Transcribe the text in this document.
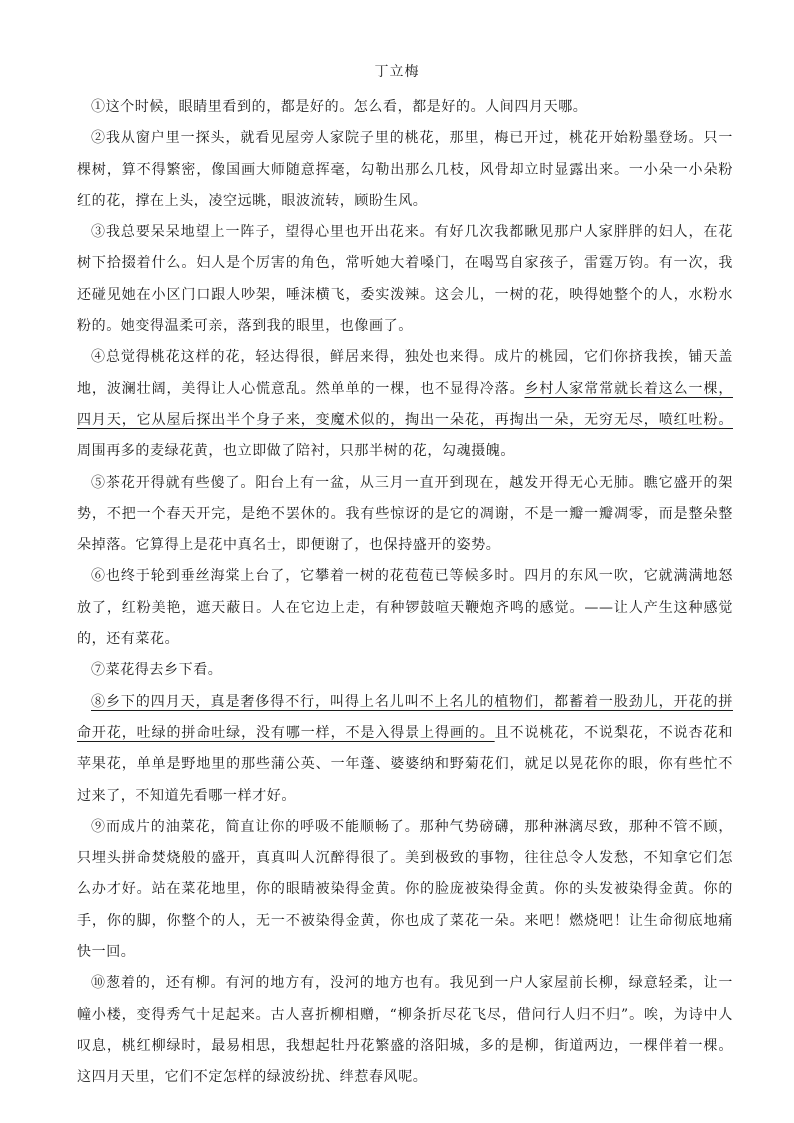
丁立梅

①这个时候，眼睛里看到的，都是好的。怎么看，都是好的。人间四月天哪。

②我从窗户里一探头，就看见屋旁人家院子里的桃花，那里，梅已开过，桃花开始粉墨登场。只一棵树，算不得繁密，像国画大师随意挥毫，勾勒出那么几枝，风骨却立时显露出来。一小朵一小朵粉红的花，撑在上头，凌空远眺，眼波流转，顾盼生风。

③我总要呆呆地望上一阵子，望得心里也开出花来。有好几次我都瞅见那户人家胖胖的妇人，在花树下拾掇着什么。妇人是个厉害的角色，常听她大着嗓门，在喝骂自家孩子，雷霆万钧。有一次，我还碰见她在小区门口跟人吵架，唾沫横飞，委实泼辣。这会儿，一树的花，映得她整个的人，水粉水粉的。她变得温柔可亲，落到我的眼里，也像画了。

④总觉得桃花这样的花，轻达得很，鲜居来得，独处也来得。成片的桃园，它们你挤我挨，铺天盖地，波澜壮阔，美得让人心慌意乱。然单单的一棵，也不显得冷落。乡村人家常常就长着这么一棵，四月天，它从屋后探出半个身子来，变魔术似的，掏出一朵花，再掏出一朵，无穷无尽，喷红吐粉。周围再多的麦绿花黄，也立即做了陪衬，只那半树的花，勾魂摄魄。

⑤茶花开得就有些傻了。阳台上有一盆，从三月一直开到现在，越发开得无心无肺。瞧它盛开的架势，不把一个春天开完，是绝不罢休的。我有些惊讶的是它的凋谢，不是一瓣一瓣凋零，而是整朵整朵掉落。它算得上是花中真名士，即便谢了，也保持盛开的姿势。

⑥也终于轮到垂丝海棠上台了，它攀着一树的花苞苞已等候多时。四月的东风一吹，它就满满地怒放了，红粉美艳，遮天蔽日。人在它边上走，有种锣鼓喧天鞭炮齐鸣的感觉。——让人产生这种感觉的，还有菜花。

⑦菜花得去乡下看。

⑧乡下的四月天，真是奢侈得不行，叫得上名儿叫不上名儿的植物们，都蓄着一股劲儿，开花的拼命开花，吐绿的拼命吐绿，没有哪一样，不是入得景上得画的。且不说桃花，不说梨花，不说杏花和苹果花，单单是野地里的那些蒲公英、一年蓬、婆婆纳和野菊花们，就足以晃花你的眼，你有些忙不过来了，不知道先看哪一样才好。

⑨而成片的油菜花，简直让你的呼吸不能顺畅了。那种气势磅礴，那种淋漓尽致，那种不管不顾，只埋头拼命焚烧般的盛开，真真叫人沉醉得很了。美到极致的事物，往往总令人发愁，不知拿它们怎么办才好。站在菜花地里，你的眼睛被染得金黄。你的脸庞被染得金黄。你的头发被染得金黄。你的手，你的脚，你整个的人，无一不被染得金黄，你也成了菜花一朵。来吧！燃烧吧！让生命彻底地痛快一回。

⑩葱着的，还有柳。有河的地方有，没河的地方也有。我见到一户人家屋前长柳，绿意轻柔，让一幢小楼，变得秀气十足起来。古人喜折柳相赠，“柳条折尽花飞尽，借问行人归不归”。唉，为诗中人叹息，桃红柳绿时，最易相思，我想起牡丹花繁盛的洛阳城，多的是柳，街道两边，一棵伴着一棵。这四月天里，它们不定怎样的绿波纷扰、绊惹春风呢。
